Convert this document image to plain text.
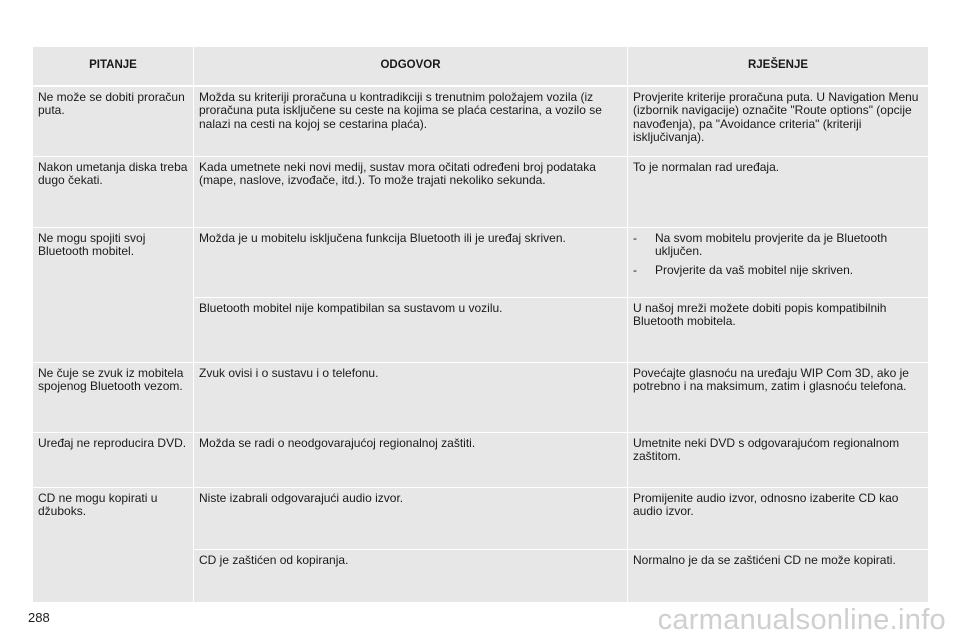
PITANJE	ODGOVOR	RJEŠENJE
Ne može se dobiti proračun puta.	Možda su kriteriji proračuna u kontradikciji s trenutnim položajem vozila (iz proračuna puta isključene su ceste na kojima se plaća cestarina, a vozilo se nalazi na cesti na kojoj se cestarina plaća).	Provjerite kriterije proračuna puta. U Navigation Menu (izbornik navigacije) označite "Route options" (opcije navođenja), pa "Avoidance criteria" (kriteriji isključivanja).
Nakon umetanja diska treba dugo čekati.	Kada umetnete neki novi medij, sustav mora očitati određeni broj podataka (mape, naslove, izvođače, itd.). To može trajati nekoliko sekunda.	To je normalan rad uređaja.
Ne mogu spojiti svoj Bluetooth mobitel.	Možda je u mobitelu isključena funkcija Bluetooth ili je uređaj skriven.	- Na svom mobitelu provjerite da je Bluetooth uključen.
- Provjerite da vaš mobitel nije skriven.

	Bluetooth mobitel nije kompatibilan sa sustavom u vozilu.	U našoj mreži možete dobiti popis kompatibilnih Bluetooth mobitela.
Ne čuje se zvuk iz mobitela spojenog Bluetooth vezom.	Zvuk ovisi i o sustavu i o telefonu.	Povećajte glasnoću na uređaju WIP Com 3D, ako je potrebno i na maksimum, zatim i glasnoću telefona.
Uređaj ne reproducira DVD.	Možda se radi o neodgovarajućoj regionalnoj zaštiti.	Umetnite neki DVD s odgovarajućom regionalnom zaštitom.
CD ne mogu kopirati u džuboks.	Niste izabrali odgovarajući audio izvor.	Promijenite audio izvor, odnosno izaberite CD kao audio izvor.
	CD je zaštićen od kopiranja.	Normalno je da se zaštićeni CD ne može kopirati.
288	carmanualsonline.info
